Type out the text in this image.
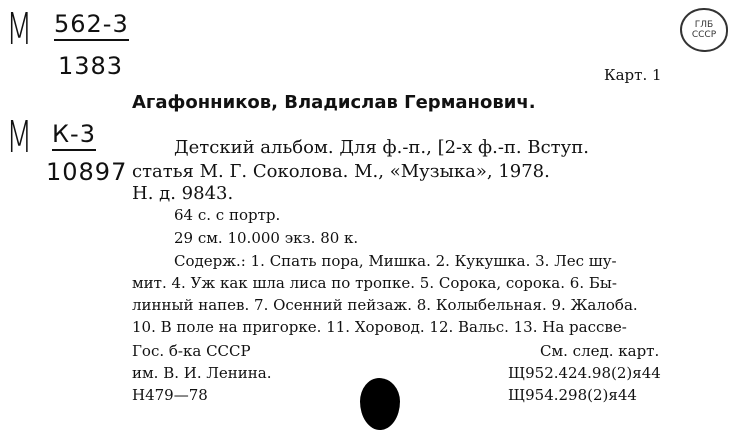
М 562-3
1383
М К-3
10897
ГЛБ
СССР
Карт. 1
Агафонников, Владислав Германович.
Детский альбом. Для ф.-п., [2-х ф.-п. Вступ.
статья М. Г. Соколова. М., «Музыка», 1978.
Н. д. 9843.
64 с. с портр.
29 см. 10.000 экз. 80 к.
Содерж.: 1. Спать пора, Мишка. 2. Кукушка. 3. Лес шу-
мит. 4. Уж как шла лиса по тропке. 5. Сорока, сорока. 6. Бы-
линный напев. 7. Осенний пейзаж. 8. Колыбельная. 9. Жалоба.
10. В поле на пригорке. 11. Хоровод. 12. Вальс. 13. На рассве-
Гос. б-ка СССР
им. В. И. Ленина.
Н479—78
См. след. карт.
Щ952.424.98(2)я44
Щ954.298(2)я44
